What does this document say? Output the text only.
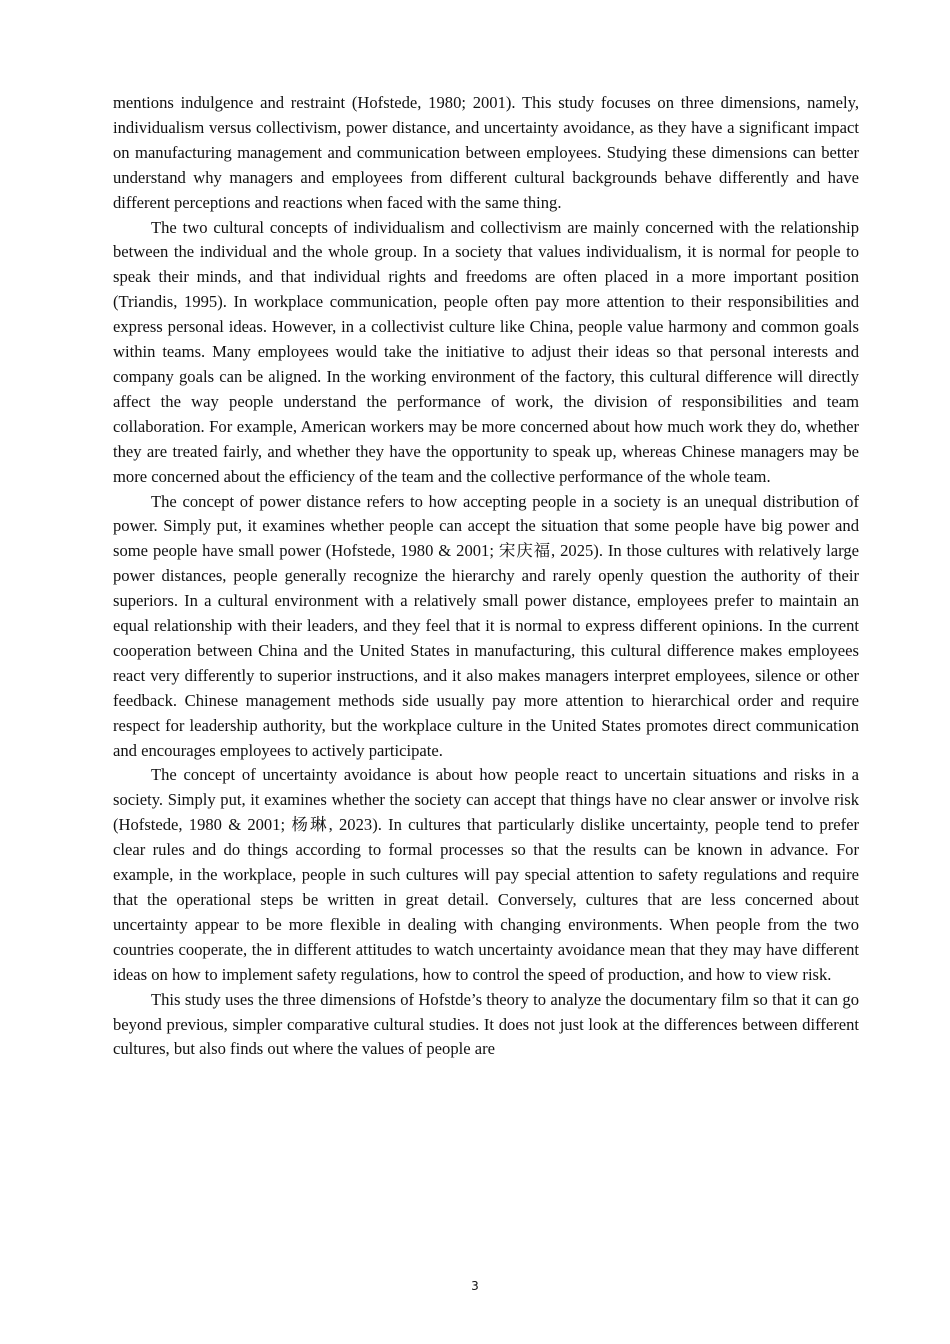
mentions indulgence and restraint (Hofstede, 1980; 2001). This study focuses on three dimensions, namely, individualism versus collectivism, power distance, and uncertainty avoidance, as they have a significant impact on manufacturing management and communication between employees. Studying these dimensions can better understand why managers and employees from different cultural backgrounds behave differently and have different perceptions and reactions when faced with the same thing.

The two cultural concepts of individualism and collectivism are mainly concerned with the relationship between the individual and the whole group. In a society that values individualism, it is normal for people to speak their minds, and that individual rights and freedoms are often placed in a more important position (Triandis, 1995). In workplace communication, people often pay more attention to their responsibilities and express personal ideas. However, in a collectivist culture like China, people value harmony and common goals within teams. Many employees would take the initiative to adjust their ideas so that personal interests and company goals can be aligned. In the working environment of the factory, this cultural difference will directly affect the way people understand the performance of work, the division of responsibilities and team collaboration. For example, American workers may be more concerned about how much work they do, whether they are treated fairly, and whether they have the opportunity to speak up, whereas Chinese managers may be more concerned about the efficiency of the team and the collective performance of the whole team.

The concept of power distance refers to how accepting people in a society is an unequal distribution of power. Simply put, it examines whether people can accept the situation that some people have big power and some people have small power (Hofstede, 1980 & 2001; 宋庆福, 2025). In those cultures with relatively large power distances, people generally recognize the hierarchy and rarely openly question the authority of their superiors. In a cultural environment with a relatively small power distance, employees prefer to maintain an equal relationship with their leaders, and they feel that it is normal to express different opinions. In the current cooperation between China and the United States in manufacturing, this cultural difference makes employees react very differently to superior instructions, and it also makes managers interpret employees, silence or other feedback. Chinese management methods side usually pay more attention to hierarchical order and require respect for leadership authority, but the workplace culture in the United States promotes direct communication and encourages employees to actively participate.

The concept of uncertainty avoidance is about how people react to uncertain situations and risks in a society. Simply put, it examines whether the society can accept that things have no clear answer or involve risk (Hofstede, 1980 & 2001; 杨琳, 2023). In cultures that particularly dislike uncertainty, people tend to prefer clear rules and do things according to formal processes so that the results can be known in advance. For example, in the workplace, people in such cultures will pay special attention to safety regulations and require that the operational steps be written in great detail. Conversely, cultures that are less concerned about uncertainty appear to be more flexible in dealing with changing environments. When people from the two countries cooperate, the in different attitudes to watch uncertainty avoidance mean that they may have different ideas on how to implement safety regulations, how to control the speed of production, and how to view risk.

This study uses the three dimensions of Hofstde’s theory to analyze the documentary film so that it can go beyond previous, simpler comparative cultural studies. It does not just look at the differences between different cultures, but also finds out where the values of people are

3
